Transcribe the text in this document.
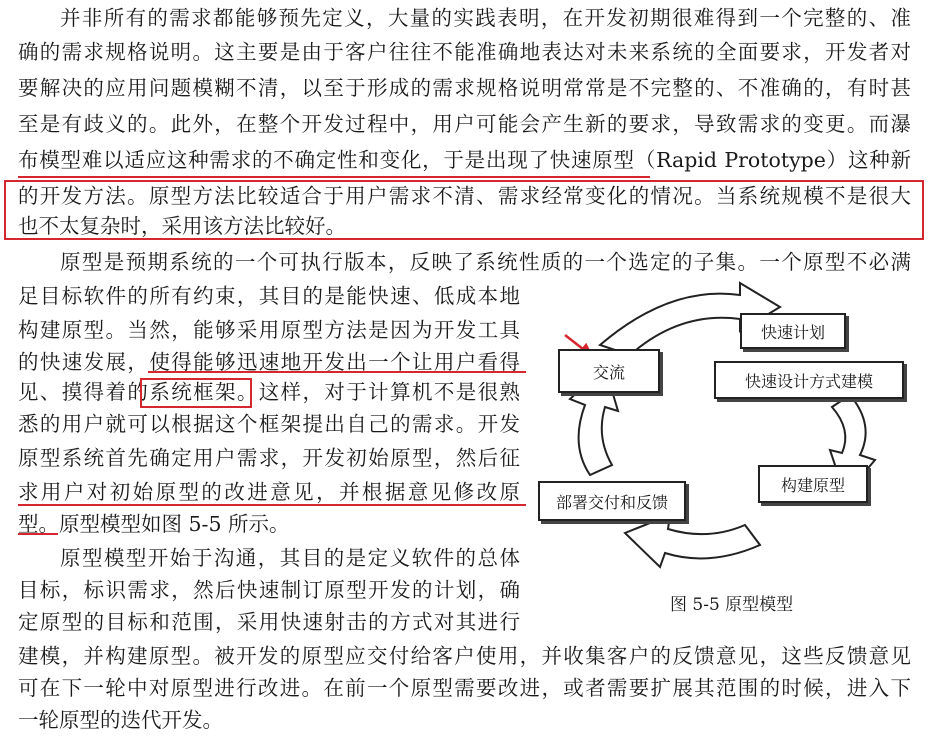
并非所有的需求都能够预先定义，大量的实践表明，在开发初期很难得到一个完整的、准
确的需求规格说明。这主要是由于客户往往不能准确地表达对未来系统的全面要求，开发者对
要解决的应用问题模糊不清，以至于形成的需求规格说明常常是不完整的、不准确的，有时甚
至是有歧义的。此外，在整个开发过程中，用户可能会产生新的要求，导致需求的变更。而瀑
布模型难以适应这种需求的不确定性和变化，于是出现了快速原型（Rapid Prototype）这种新
的开发方法。原型方法比较适合于用户需求不清、需求经常变化的情况。当系统规模不是很大
也不太复杂时，采用该方法比较好。
原型是预期系统的一个可执行版本，反映了系统性质的一个选定的子集。一个原型不必满
足目标软件的所有约束，其目的是能快速、低成本地
构建原型。当然，能够采用原型方法是因为开发工具
的快速发展，使得能够迅速地开发出一个让用户看得
见、摸得着的系统框架。这样，对于计算机不是很熟
悉的用户就可以根据这个框架提出自己的需求。开发
原型系统首先确定用户需求，开发初始原型，然后征
求用户对初始原型的改进意见，并根据意见修改原
型。原型模型如图 5-5 所示。
原型模型开始于沟通，其目的是定义软件的总体
目标，标识需求，然后快速制订原型开发的计划，确
定原型的目标和范围，采用快速射击的方式对其进行
建模，并构建原型。被开发的原型应交付给客户使用，并收集客户的反馈意见，这些反馈意见
可在下一轮中对原型进行改进。在前一个原型需要改进，或者需要扩展其范围的时候，进入下
一轮原型的迭代开发。
交流
快速计划
快速设计方式建模
构建原型
部署交付和反馈
图 5-5 原型模型
